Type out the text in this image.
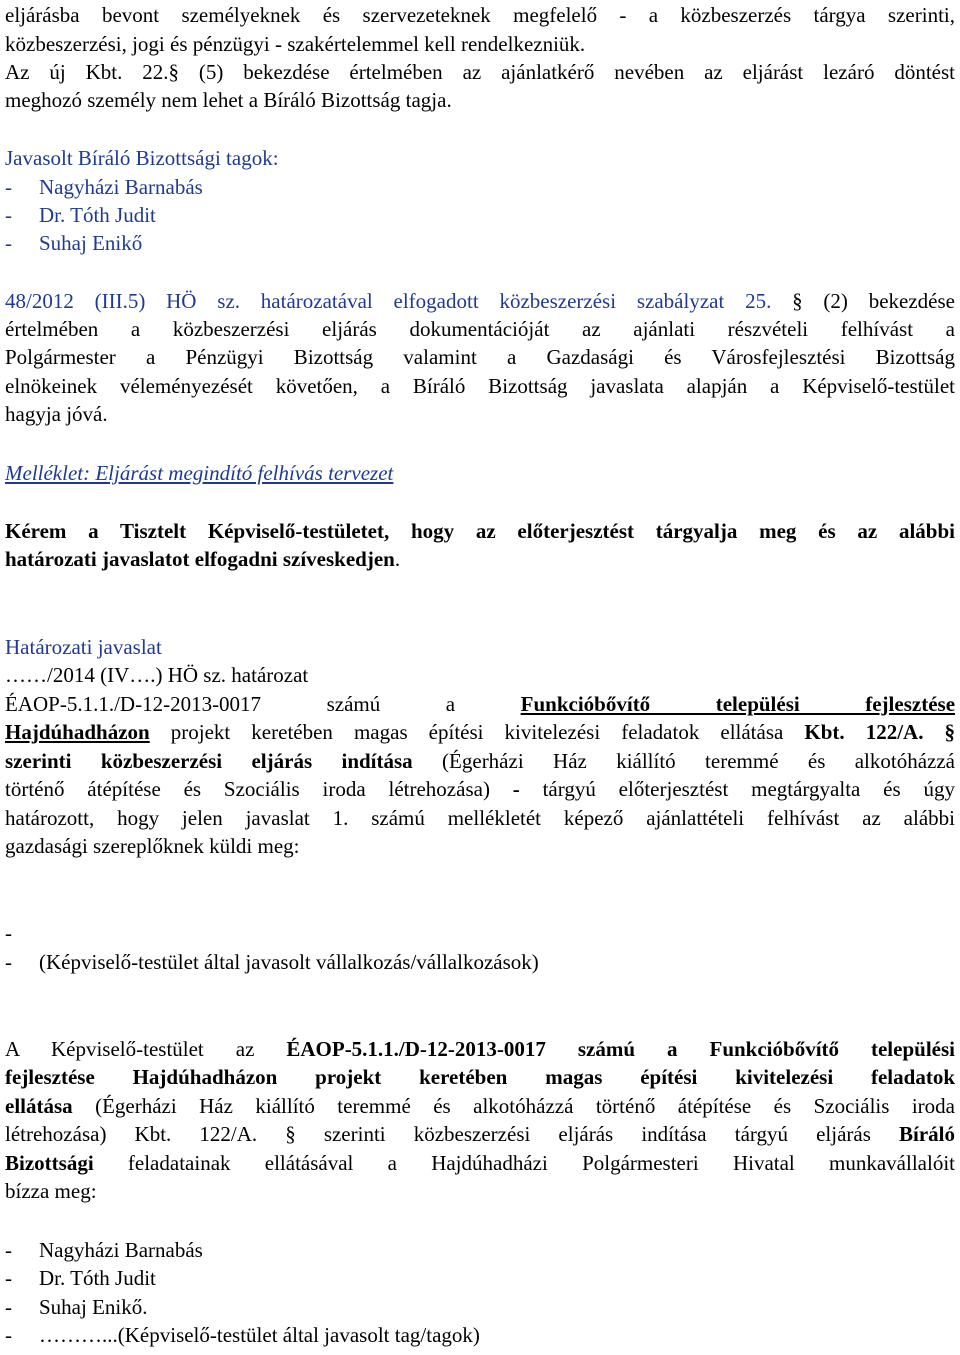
eljárásba bevont személyeknek és szervezeteknek megfelelő - a közbeszerzés tárgya szerinti,
közbeszerzési, jogi és pénzügyi - szakértelemmel kell rendelkezniük.
Az új Kbt. 22.§ (5) bekezdése értelmében az ajánlatkérő nevében az eljárást lezáró döntést
meghozó személy nem lehet a Bíráló Bizottság tagja.
Javasolt Bíráló Bizottsági tagok:
- Nagyházi Barnabás
- Dr. Tóth Judit
- Suhaj Enikő
48/2012 (III.5) HÖ sz. határozatával elfogadott közbeszerzési szabályzat 25. § (2) bekezdése
értelmében a közbeszerzési eljárás dokumentációját az ajánlati részvételi felhívást a
Polgármester a Pénzügyi Bizottság valamint a Gazdasági és Városfejlesztési Bizottság
elnökeinek véleményezését követően, a Bíráló Bizottság javaslata alapján a Képviselő-testület
hagyja jóvá.
Melléklet: Eljárást megindító felhívás tervezet
Kérem a Tisztelt Képviselő-testületet, hogy az előterjesztést tárgyalja meg és az alábbi
határozati javaslatot elfogadni szíveskedjen.
Határozati javaslat
……/2014 (IV….) HÖ sz. határozat
ÉAOP-5.1.1./D-12-2013-0017 számú a Funkcióbővítő települési fejlesztése
Hajdúhadházon projekt keretében magas építési kivitelezési feladatok ellátása Kbt. 122/A. §
szerinti közbeszerzési eljárás indítása (Égerházi Ház kiállító teremmé és alkotóházzá
történő átépítése és Szociális iroda létrehozása) - tárgyú előterjesztést megtárgyalta és úgy
határozott, hogy jelen javaslat 1. számú mellékletét képező ajánlattételi felhívást az alábbi
gazdasági szereplőknek küldi meg:
-
- (Képviselő-testület által javasolt vállalkozás/vállalkozások)
A Képviselő-testület az ÉAOP-5.1.1./D-12-2013-0017 számú a Funkcióbővítő települési
fejlesztése Hajdúhadházon projekt keretében magas építési kivitelezési feladatok
ellátása (Égerházi Ház kiállító teremmé és alkotóházzá történő átépítése és Szociális iroda
létrehozása) Kbt. 122/A. § szerinti közbeszerzési eljárás indítása tárgyú eljárás Bíráló
Bizottsági feladatainak ellátásával a Hajdúhadházi Polgármesteri Hivatal munkavállalóit
bízza meg:
- Nagyházi Barnabás
- Dr. Tóth Judit
- Suhaj Enikő.
- ………...(Képviselő-testület által javasolt tag/tagok)
